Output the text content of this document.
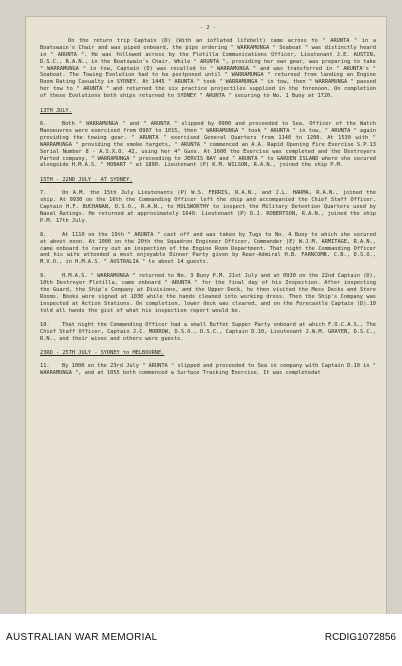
- 2 -

On the return trip Captain (D) (With an inflated lifebelt) came across to " ARUNTA " in a Boatswain's Chair and was piped onboard, the pipe ordering " WARRAMUNGA " Seaboat " was distinctly heard in " ARUNTA ". He was followed across by the Flotilla Communications Officer, Lieutenant J.E. AUSTIN, D.S.C., R.A.N., in the Boatswain's Chair. While " ARUNTA ", providing her own gear, was preparing to take " WARRAMUNGA " in tow, Captain (D) was recalled to " WARRAMUNGA " and was transferred in " ARUNTA's " Seaboat. The Towing Evolution had to be postponed until " WARRAMUNGA " returned from landing an Engine Room Rating Casualty in SYDNEY. At 1445 " ARUNTA " took " WARRAMUNGA " in tow, then " WARRAMUNGA " passed her tow to " ARUNTA " and returned the six practice projectiles supplied in the forenoon. On completion of these Evolutions both ships returned to SYDNEY " ARUNTA " securing to No. 1 Buoy at 1720.

13TH JULY.

6.	Both " WARRAMUNGA " and " ARUNTA " slipped by 0900 and proceeded to Sea. Officer of the Watch Manoeuvres were exercised from 0907 to 1015, then " WARRAMUNGA " took " ARUNTA " in tow, " ARUNTA " again providing the towing gear. " ARUNTA " exercised General Quarters from 1140 to 1200. At 1530 with " WARRAMUNGA " providing the smoke targets, " ARUNTA " commenced an A.A. Rapid Opening Fire Exercise S.P.13 Serial Number 8 - A.S.X.O. 42, using her 4" Guns. At 1600 the Exercise was completed and the Destroyers Parted company, " WARRAMUNGA " proceeding to JERVIS BAY and " ARUNTA " to GARDEN ISLAND where she secured alongside H.M.A.S. " HOBART " at 1800. Lieutenant (P) K.M. WILSON, R.A.N., joined the ship P.M.

15TH - 22ND JULY - AT SYDNEY.

7.	On A.M. the 15th July Lieutenants (P) W.S. FERRIS, R.A.N., and J.L. HARMA, R.A.N., joined the ship. At 0930 on the 16th the Commanding Officer left the ship and accompanied the Chief Staff Officer, Captain H.F. BUCHANAN, D.S.O., R.A.N., to HOLSWORTHY to inspect the Military Detention Quarters used by Naval Ratings. He returned at approximately 1640. Lieutenant (P) D.J. ROBERTSON, R.A.N., joined the ship P.M. 17th July.

8.	At 1110 on the 19th " ARUNTA " cast off and was taken by Tugs to No. 4 Buoy to which she secured at about noon. At 1000 on the 20th the Squadron Engineer Officer, Commander (E) W.J.M. ARMITAGE, R.A.N., came onboard to carry out an inspection of the Engine Room Department. That night the Commanding Officer and his wife attended a most enjoyable Dinner Party given by Rear-Admiral H.B. FARNCOMB, C.B., D.S.O., M.V.O., in H.M.A.S. " AUSTRALIA " to about 14 guests.

9.	H.M.A.S. " WARRAMUNGA " returned to No. 3 Buoy P.M. 21st July and at 0930 on the 22nd Captain (D), 10th Destroyer Flotilla, came onboard " ARUNTA " for the final day of his Inspection. After inspecting the Guard, the Ship's Company at Divisions, and the Upper Deck, he then visited the Mess Decks and Store Rooms. Books were signed at 1030 while the hands cleaned into working dress. Then the Ship's Company was inspected at Action Stations. On completion, lower deck was cleared, and on the Forecastle Captain (D).10 told all hands the gist of what his inspection report would be.

10. That night the Commanding Officer had a small Buffet Supper Party onboard at which F.O.C.A.S., The Chief Staff Officer, Captain J.C. MORROW, D.S.O., D.S.C., Captain D.10, Lieutenant J.W.M. GRAYEN, D.S.C., R.N., and their wives and others were guests.

23RD - 25TH JULY - SYDNEY to MELBOURNE.

11. By 1000 on the 23rd July " ARUNTA " slipped and proceeded to Sea in company with Captain D.10 in " WARRAMUNGA ", and at 1055 both commenced a Surface Tracking Exercise. It was completedat

AUSTRALIAN WAR MEMORIAL	RCDIG1072856
